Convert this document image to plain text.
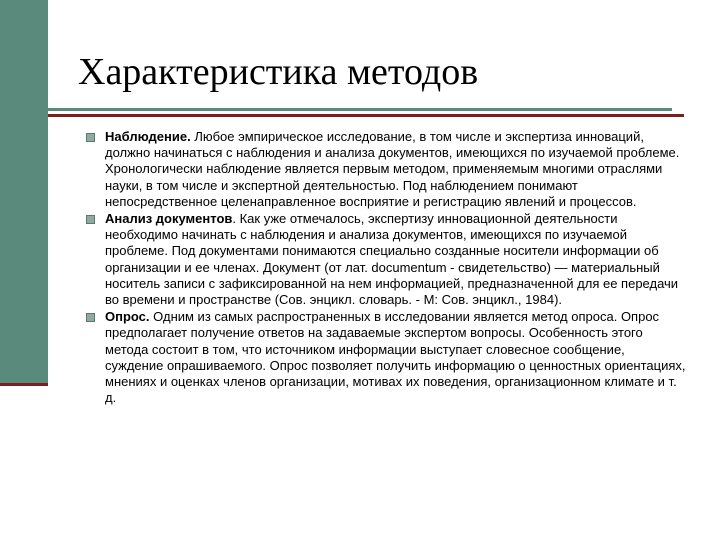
Характеристика методов
Наблюдение. Любое эмпирическое исследование, в том числе и экспертиза инноваций, должно начинаться с наблюдения и анализа документов, имеющихся по изучаемой проблеме. Хронологически наблюдение является первым методом, применяемым многими отраслями науки, в том числе и экспертной деятельностью. Под наблюдением понимают непосредственное целенаправленное восприятие и регистрацию явлений и процессов.
Анализ документов. Как уже отмечалось, экспертизу инновационной деятельности необходимо начинать с наблюдения и анализа документов, имеющихся по изучаемой проблеме. Под документами понимаются специально созданные носители информации об организации и ее членах. Документ (от лат. documentum - свидетельство) — материальный носитель записи с зафиксированной на нем информацией, предназначенной для ее передачи во времени и пространстве (Сов. энцикл. словарь. - М: Сов. энцикл., 1984).
Опрос. Одним из самых распространенных в исследовании является метод опроса. Опрос предполагает получение ответов на задаваемые экспертом вопросы. Особенность этого метода состоит в том, что источником информации выступает словесное сообщение, суждение опрашиваемого. Опрос позволяет получить информацию о ценностных ориентациях, мнениях и оценках членов организации, мотивах их поведения, организационном климате и т. д.
